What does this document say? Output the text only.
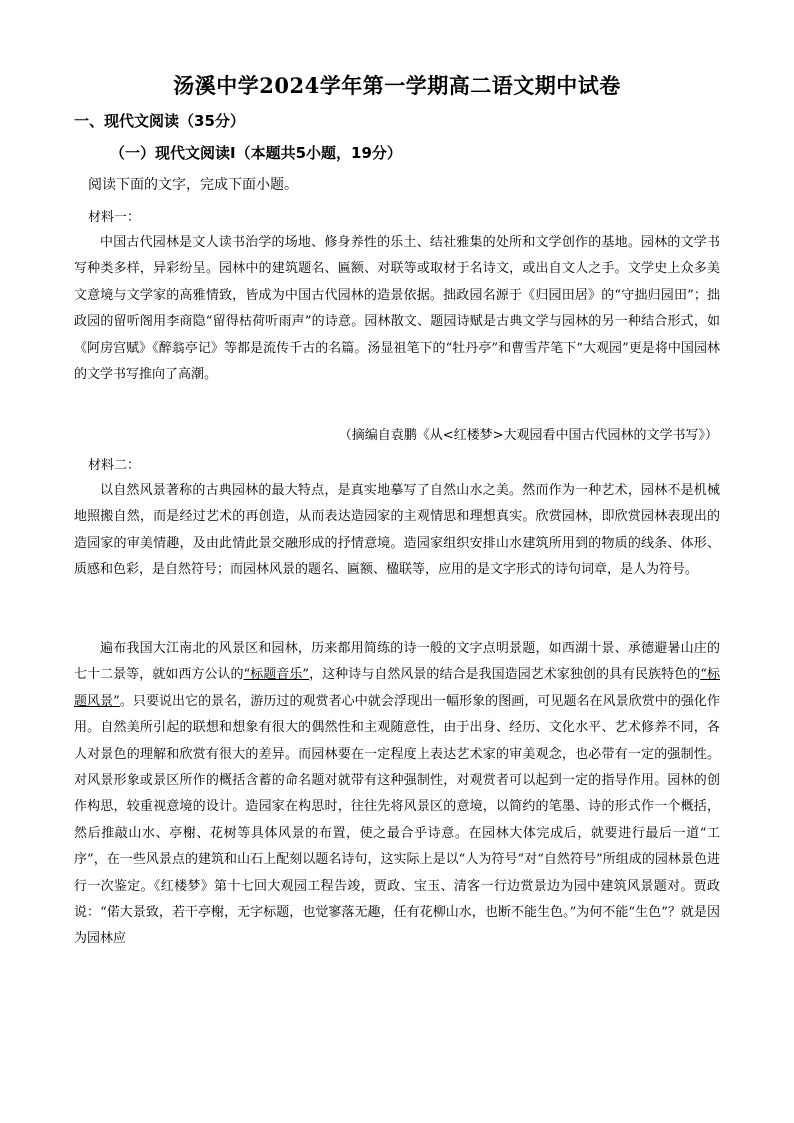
汤溪中学2024学年第一学期高二语文期中试卷
一、现代文阅读（35分）
（一）现代文阅读Ⅰ（本题共5小题，19分）
阅读下面的文字，完成下面小题。
材料一：

中国古代园林是文人读书治学的场地、修身养性的乐土、结社雅集的处所和文学创作的基地。园林的文学书写种类多样，异彩纷呈。园林中的建筑题名、匾额、对联等或取材于名诗文，或出自文人之手。文学史上众多美文意境与文学家的高雅情致，皆成为中国古代园林的造景依据。拙政园名源于《归园田居》的“守拙归园田”；拙政园的留听阁用李商隐“留得枯荷听雨声”的诗意。园林散文、题园诗赋是古典文学与园林的另一种结合形式，如《阿房宫赋》《醉翁亭记》等都是流传千古的名篇。汤显祖笔下的“牡丹亭”和曹雪芹笔下“大观园”更是将中国园林的文学书写推向了高潮。

（摘编自袁鹏《从<红楼梦>大观园看中国古代园林的文学书写》）
材料二：

以自然风景著称的古典园林的最大特点，是真实地摹写了自然山水之美。然而作为一种艺术，园林不是机械地照搬自然，而是经过艺术的再创造，从而表达造园家的主观情思和理想真实。欣赏园林，即欣赏园林表现出的造园家的审美情趣，及由此情此景交融形成的抒情意境。造园家组织安排山水建筑所用到的物质的线条、体形、质感和色彩，是自然符号；而园林风景的题名、匾额、楹联等，应用的是文字形式的诗句词章，是人为符号。

遍布我国大江南北的风景区和园林，历来都用简练的诗一般的文字点明景题，如西湖十景、承德避暑山庄的七十二景等，就如西方公认的“标题音乐”，这种诗与自然风景的结合是我国造园艺术家独创的具有民族特色的“标题风景”。只要说出它的景名，游历过的观赏者心中就会浮现出一幅形象的图画，可见题名在风景欣赏中的强化作用。自然美所引起的联想和想象有很大的偶然性和主观随意性，由于出身、经历、文化水平、艺术修养不同，各人对景色的理解和欣赏有很大的差异。而园林要在一定程度上表达艺术家的审美观念，也必带有一定的强制性。对风景形象或景区所作的概括含蓄的命名题对就带有这种强制性，对观赏者可以起到一定的指导作用。园林的创作构思，较重视意境的设计。造园家在构思时，往往先将风景区的意境，以简约的笔墨、诗的形式作一个概括，然后推敲山水、亭榭、花树等具体风景的布置，使之最合乎诗意。在园林大体完成后，就要进行最后一道“工序”，在一些风景点的建筑和山石上配刻以题名诗句，这实际上是以“人为符号”对“自然符号”所组成的园林景色进行一次鉴定。《红楼梦》第十七回大观园工程告竣，贾政、宝玉、清客一行边赏景边为园中建筑风景题对。贾政说：“偌大景致，若干亭榭，无字标题，也觉寥落无趣，任有花柳山水，也断不能生色。”为何不能“生色”？就是因为园林应
